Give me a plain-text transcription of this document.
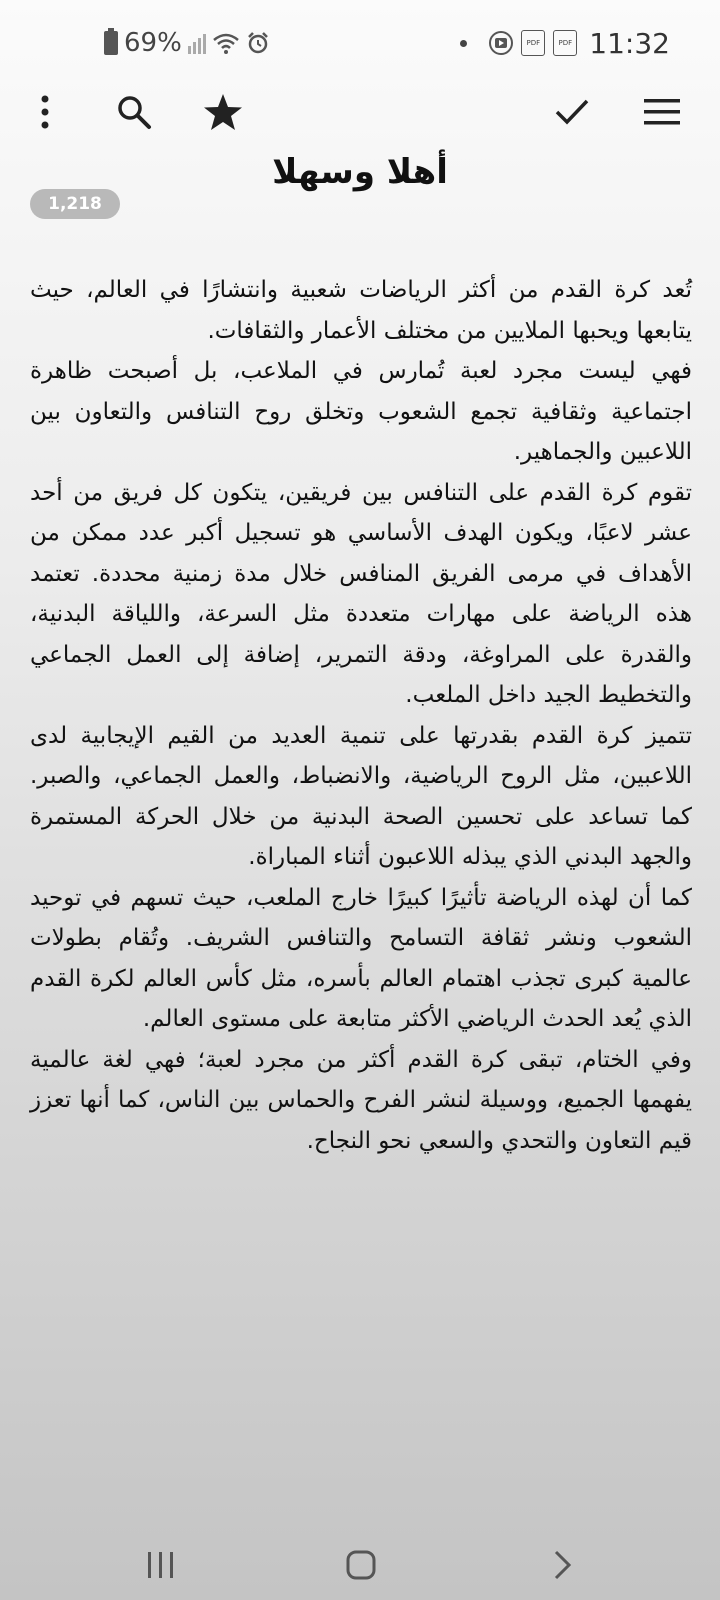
69%	PDF	PDF 11:32
أهلا وسهلا
1,218

تُعد كرة القدم من أكثر الرياضات شعبية وانتشارًا في العالم، حيث يتابعها ويحبها الملايين من مختلف الأعمار والثقافات.

فهي ليست مجرد لعبة تُمارس في الملاعب، بل أصبحت ظاهرة اجتماعية وثقافية تجمع الشعوب وتخلق روح التنافس والتعاون بين اللاعبين والجماهير.

تقوم كرة القدم على التنافس بين فريقين، يتكون كل فريق من أحد عشر لاعبًا، ويكون الهدف الأساسي هو تسجيل أكبر عدد ممكن من الأهداف في مرمى الفريق المنافس خلال مدة زمنية محددة. تعتمد هذه الرياضة على مهارات متعددة مثل السرعة، واللياقة البدنية، والقدرة على المراوغة، ودقة التمرير، إضافة إلى العمل الجماعي والتخطيط الجيد داخل الملعب.

تتميز كرة القدم بقدرتها على تنمية العديد من القيم الإيجابية لدى اللاعبين، مثل الروح الرياضية، والانضباط، والعمل الجماعي، والصبر. كما تساعد على تحسين الصحة البدنية من خلال الحركة المستمرة والجهد البدني الذي يبذله اللاعبون أثناء المباراة.

كما أن لهذه الرياضة تأثيرًا كبيرًا خارج الملعب، حيث تسهم في توحيد الشعوب ونشر ثقافة التسامح والتنافس الشريف. وتُقام بطولات عالمية كبرى تجذب اهتمام العالم بأسره، مثل كأس العالم لكرة القدم الذي يُعد الحدث الرياضي الأكثر متابعة على مستوى العالم.

وفي الختام، تبقى كرة القدم أكثر من مجرد لعبة؛ فهي لغة عالمية يفهمها الجميع، ووسيلة لنشر الفرح والحماس بين الناس، كما أنها تعزز قيم التعاون والتحدي والسعي نحو النجاح.
